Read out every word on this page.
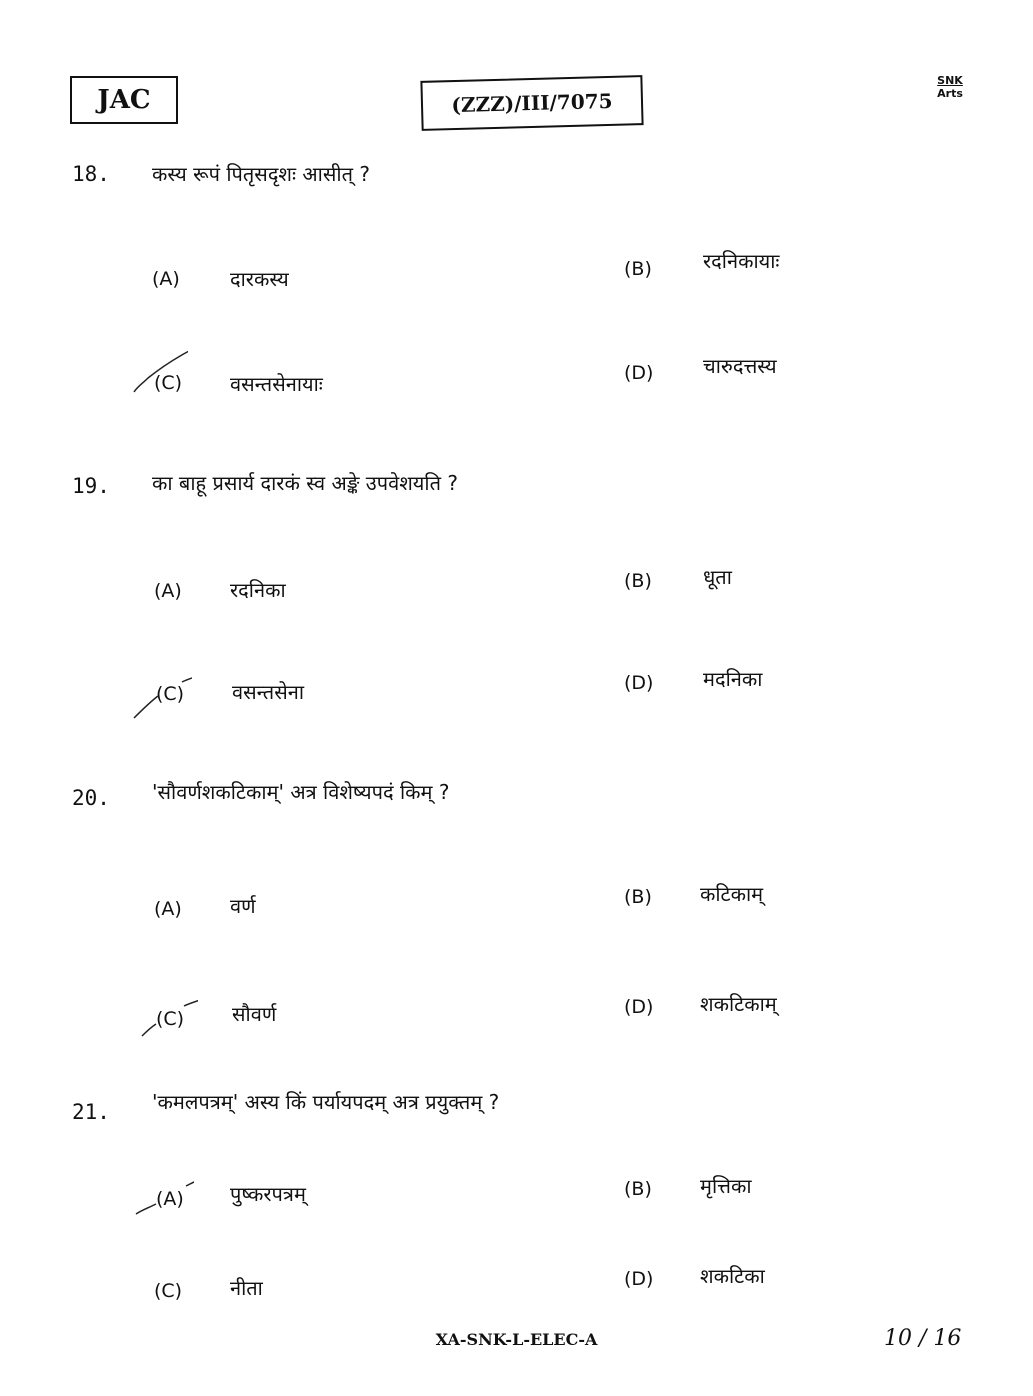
JAC	(ZZZ)/III/7075
SNK
Arts
18. कस्य रूपं पितृसदृशः आसीत् ?
(A)	दारकस्य	(B)	रदनिकायाः
(C) वसन्तसेनायाः	(D) चारुदत्तस्य
19. का बाहू प्रसार्य दारकं स्व अङ्के उपवेशयति ?
(A) रदनिका	(B)	धूता
(C) वसन्तसेना	(D) मदनिका
20. 'सौवर्णशकटिकाम्' अत्र विशेष्यपदं किम् ?
(A) वर्ण	(B) कटिकाम्
(C) सौवर्ण	(D) शकटिकाम्
21. 'कमलपत्रम्' अस्य किं पर्यायपदम् अत्र प्रयुक्तम् ?
(A) पुष्करपत्रम्	(B) मृत्तिका
(C) नीता	(D) शकटिका
XA-SNK-L-ELEC-A	10 / 16
